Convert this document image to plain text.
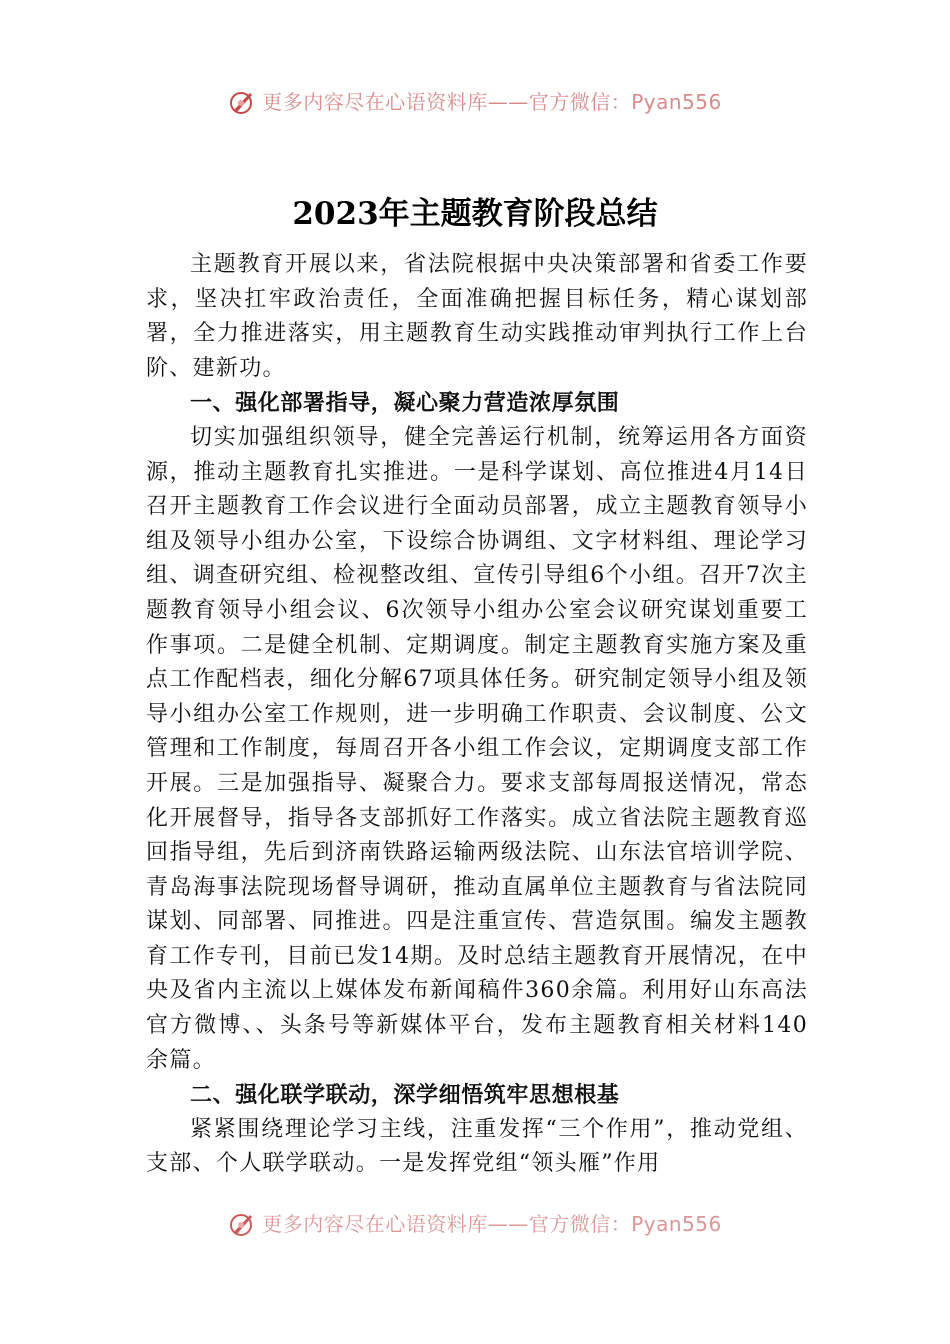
更多内容尽在心语资料库——官方微信：Pyan556
2023年主题教育阶段总结

主题教育开展以来，省法院根据中央决策部署和省委工作要求，坚决扛牢政治责任，全面准确把握目标任务，精心谋划部署，全力推进落实，用主题教育生动实践推动审判执行工作上台阶、建新功。

一、强化部署指导，凝心聚力营造浓厚氛围

切实加强组织领导，健全完善运行机制，统筹运用各方面资源，推动主题教育扎实推进。一是科学谋划、高位推进4月14日召开主题教育工作会议进行全面动员部署，成立主题教育领导小组及领导小组办公室，下设综合协调组、文字材料组、理论学习组、调查研究组、检视整改组、宣传引导组6个小组。召开7次主题教育领导小组会议、6次领导小组办公室会议研究谋划重要工作事项。二是健全机制、定期调度。制定主题教育实施方案及重点工作配档表，细化分解67项具体任务。研究制定领导小组及领导小组办公室工作规则，进一步明确工作职责、会议制度、公文管理和工作制度，每周召开各小组工作会议，定期调度支部工作开展。三是加强指导、凝聚合力。要求支部每周报送情况，常态化开展督导，指导各支部抓好工作落实。成立省法院主题教育巡回指导组，先后到济南铁路运输两级法院、山东法官培训学院、青岛海事法院现场督导调研，推动直属单位主题教育与省法院同谋划、同部署、同推进。四是注重宣传、营造氛围。编发主题教育工作专刊，目前已发14期。及时总结主题教育开展情况，在中央及省内主流以上媒体发布新闻稿件360余篇。利用好山东高法官方微博、、头条号等新媒体平台，发布主题教育相关材料140余篇。

二、强化联学联动，深学细悟筑牢思想根基

紧紧围绕理论学习主线，注重发挥“三个作用”，推动党组、支部、个人联学联动。一是发挥党组“领头雁”作用

更多内容尽在心语资料库——官方微信：Pyan556
